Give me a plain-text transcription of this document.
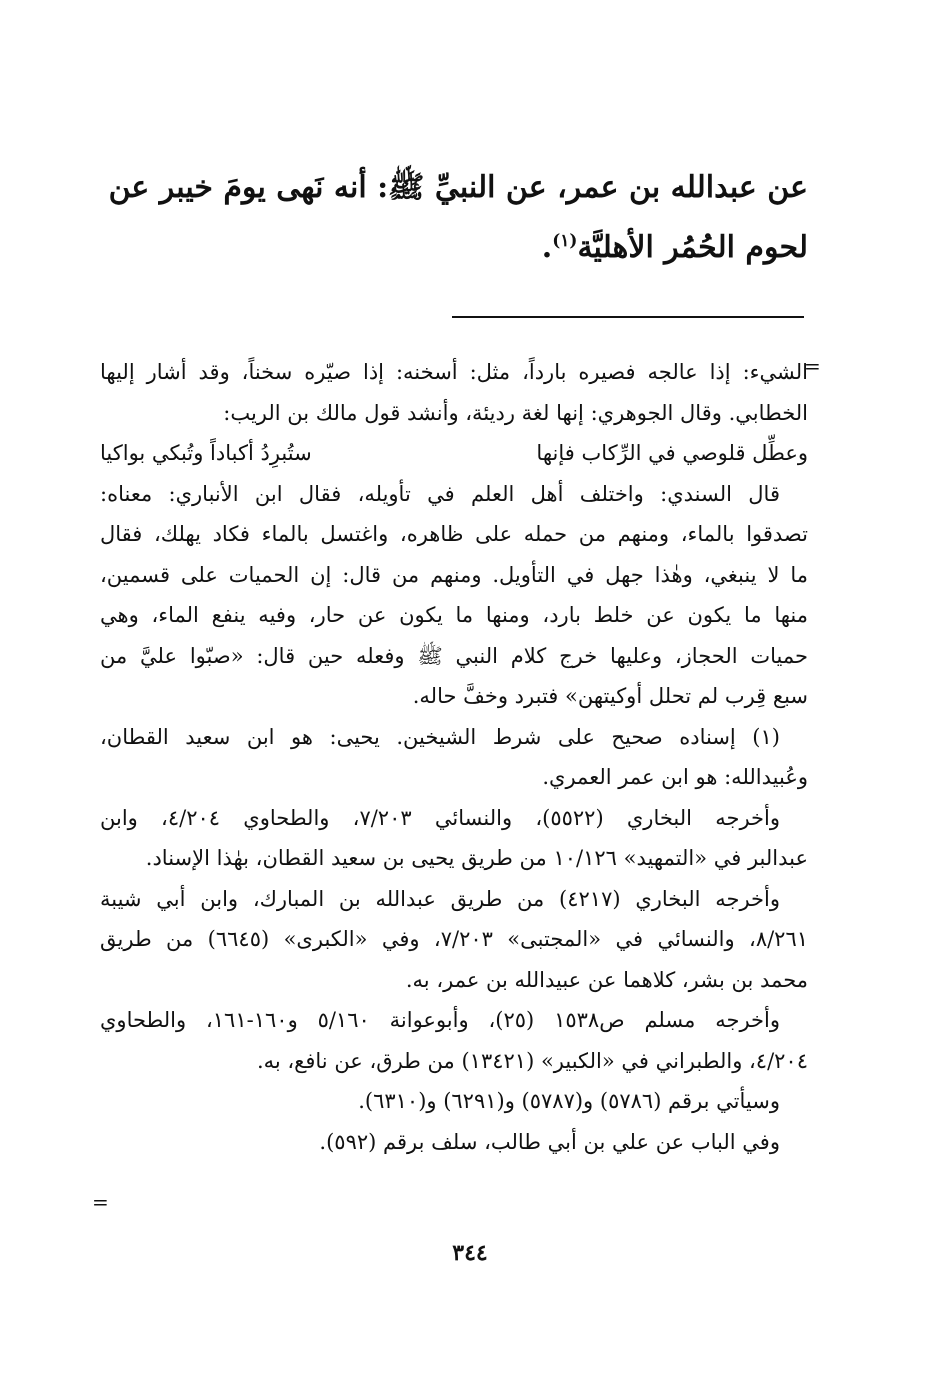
عن عبدالله بن عمر، عن النبيِّ ﷺ: أنه نَهى يومَ خيبر عن
لحوم الحُمُر الأهليَّة$^{(١)}$.
=
الشيء: إذا عالجه فصيره بارداً، مثل: أسخنه: إذا صيّره سخناً، وقد أشار إليها
الخطابي. وقال الجوهري: إنها لغة رديئة، وأنشد قول مالك بن الريب:
وعطِّل قلوصي في الرِّكاب فإنها
ستُبرِدُ أكباداً وتُبكي بواكيا
قال السندي: واختلف أهل العلم في تأويله، فقال ابن الأنباري: معناه:
تصدقوا بالماء، ومنهم من حمله على ظاهره، واغتسل بالماء فكاد يهلك، فقال
ما لا ينبغي، وهٰذا جهل في التأويل. ومنهم من قال: إن الحميات على قسمين،
منها ما يكون عن خلط بارد، ومنها ما يكون عن حار، وفيه ينفع الماء، وهي
حميات الحجاز، وعليها خرج كلام النبي ﷺ وفعله حين قال: «صبّوا عليَّ من
سبع قِرب لم تحلل أوكيتهن» فتبرد وخفَّ حاله.
(١) إسناده صحيح على شرط الشيخين. يحيى: هو ابن سعيد القطان،
وعُبيدالله: هو ابن عمر العمري.
وأخرجه البخاري (٥٥٢٢)، والنسائي ٧/٢٠٣، والطحاوي ٤/٢٠٤، وابن
عبدالبر في «التمهيد» ١٠/١٢٦ من طريق يحيى بن سعيد القطان، بهٰذا الإسناد.
وأخرجه البخاري (٤٢١٧) من طريق عبدالله بن المبارك، وابن أبي شيبة
٨/٢٦١، والنسائي في «المجتبى» ٧/٢٠٣، وفي «الكبرى» (٦٦٤٥) من طريق
محمد بن بشر، كلاهما عن عبيدالله بن عمر، به.
وأخرجه مسلم ص١٥٣٨ (٢٥)، وأبوعوانة ٥/١٦٠ و١٦٠-١٦١، والطحاوي
٤/٢٠٤، والطبراني في «الكبير» (١٣٤٢١) من طرق، عن نافع، به.
وسيأتي برقم (٥٧٨٦) و(٥٧٨٧) و(٦٢٩١) و(٦٣١٠).
وفي الباب عن علي بن أبي طالب، سلف برقم (٥٩٢).
=
٣٤٤
